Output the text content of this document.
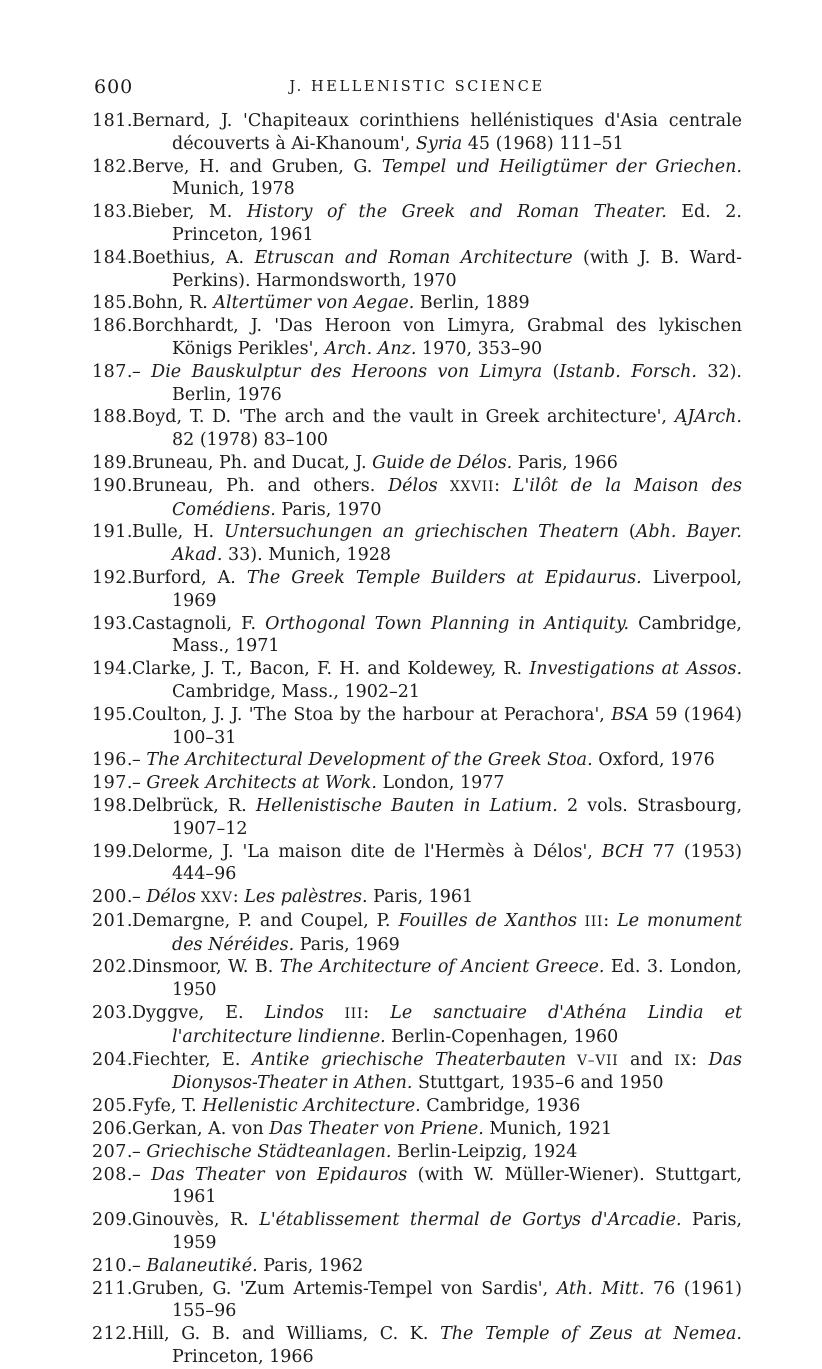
600	J. HELLENISTIC SCIENCE
181.Bernard, J. 'Chapiteaux corinthiens hellénistiques d'Asia centrale découverts à Ai-Khanoum', Syria 45 (1968) 111–51
182.Berve, H. and Gruben, G. Tempel und Heiligtümer der Griechen. Munich, 1978
183.Bieber, M. History of the Greek and Roman Theater. Ed. 2. Princeton, 1961
184.Boethius, A. Etruscan and Roman Architecture (with J. B. Ward-Perkins). Harmondsworth, 1970
185.Bohn, R. Altertümer von Aegae. Berlin, 1889
186.Borchhardt, J. 'Das Heroon von Limyra, Grabmal des lykischen Königs Perikles', Arch. Anz. 1970, 353–90
187.– Die Bauskulptur des Heroons von Limyra (Istanb. Forsch. 32). Berlin, 1976
188.Boyd, T. D. 'The arch and the vault in Greek architecture', AJArch. 82 (1978) 83–100
189.Bruneau, Ph. and Ducat, J. Guide de Délos. Paris, 1966
190.Bruneau, Ph. and others. Délos XXVII: L'ilôt de la Maison des Comédiens. Paris, 1970
191.Bulle, H. Untersuchungen an griechischen Theatern (Abh. Bayer. Akad. 33). Munich, 1928
192.Burford, A. The Greek Temple Builders at Epidaurus. Liverpool, 1969
193.Castagnoli, F. Orthogonal Town Planning in Antiquity. Cambridge, Mass., 1971
194.Clarke, J. T., Bacon, F. H. and Koldewey, R. Investigations at Assos. Cambridge, Mass., 1902–21
195.Coulton, J. J. 'The Stoa by the harbour at Perachora', BSA 59 (1964) 100–31
196.– The Architectural Development of the Greek Stoa. Oxford, 1976
197.– Greek Architects at Work. London, 1977
198.Delbrück, R. Hellenistische Bauten in Latium. 2 vols. Strasbourg, 1907–12
199.Delorme, J. 'La maison dite de l'Hermès à Délos', BCH 77 (1953) 444–96
200.– Délos XXV: Les palèstres. Paris, 1961
201.Demargne, P. and Coupel, P. Fouilles de Xanthos III: Le monument des Néréides. Paris, 1969
202.Dinsmoor, W. B. The Architecture of Ancient Greece. Ed. 3. London, 1950
203.Dyggve, E. Lindos III: Le sanctuaire d'Athéna Lindia et l'architecture lindienne. Berlin-Copenhagen, 1960
204.Fiechter, E. Antike griechische Theaterbauten V–VII and IX: Das Dionysos-Theater in Athen. Stuttgart, 1935–6 and 1950
205.Fyfe, T. Hellenistic Architecture. Cambridge, 1936
206.Gerkan, A. von Das Theater von Priene. Munich, 1921
207.– Griechische Städteanlagen. Berlin-Leipzig, 1924
208.– Das Theater von Epidauros (with W. Müller-Wiener). Stuttgart, 1961
209.Ginouvès, R. L'établissement thermal de Gortys d'Arcadie. Paris, 1959
210.– Balaneutiké. Paris, 1962
211.Gruben, G. 'Zum Artemis-Tempel von Sardis', Ath. Mitt. 76 (1961) 155–96
212.Hill, G. B. and Williams, C. K. The Temple of Zeus at Nemea. Princeton, 1966
